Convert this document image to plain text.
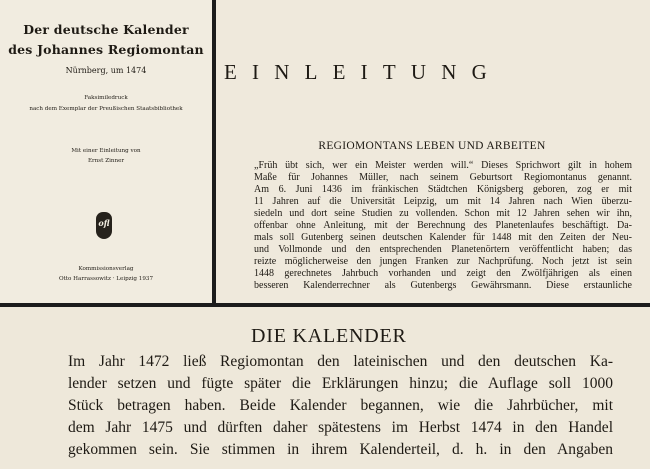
Der deutsche Kalender
des Johannes Regiomontan
Nürnberg, um 1474
Faksimiledruck
nach dem Exemplar der Preußischen Staatsbibliothek
Mit einer Einleitung von
Ernst Zinner
ofl
Kommissionsverlag
Otto Harrassowitz · Leipzig 1937
EINLEITUNG
REGIOMONTANS LEBEN UND ARBEITEN
„Früh übt sich, wer ein Meister werden will.“ Dieses Sprichwort gilt in hohem
Maße für Johannes Müller, nach seinem Geburtsort Regiomontanus genannt.
Am 6. Juni 1436 im fränkischen Städtchen Königsberg geboren, zog er mit
11 Jahren auf die Universität Leipzig, um mit 14 Jahren nach Wien überzu-
siedeln und dort seine Studien zu vollenden. Schon mit 12 Jahren sehen wir ihn,
offenbar ohne Anleitung, mit der Berechnung des Planetenlaufes beschäftigt. Da-
mals soll Gutenberg seinen deutschen Kalender für 1448 mit den Zeiten der Neu-
und Vollmonde und den entsprechenden Planetenörtern veröffentlicht haben; das
reizte möglicherweise den jungen Franken zur Nachprüfung. Noch jetzt ist sein
1448 gerechnetes Jahrbuch vorhanden und zeigt den Zwölfjährigen als einen
besseren Kalenderrechner als Gutenbergs Gewährsmann. Diese erstaunliche
DIE KALENDER
Im Jahr 1472 ließ Regiomontan den lateinischen und den deutschen Ka-
lender setzen und fügte später die Erklärungen hinzu; die Auflage soll 1000
Stück betragen haben. Beide Kalender begannen, wie die Jahrbücher, mit
dem Jahr 1475 und dürften daher spätestens im Herbst 1474 in den Handel
gekommen sein. Sie stimmen in ihrem Kalenderteil, d. h. in den Angaben
